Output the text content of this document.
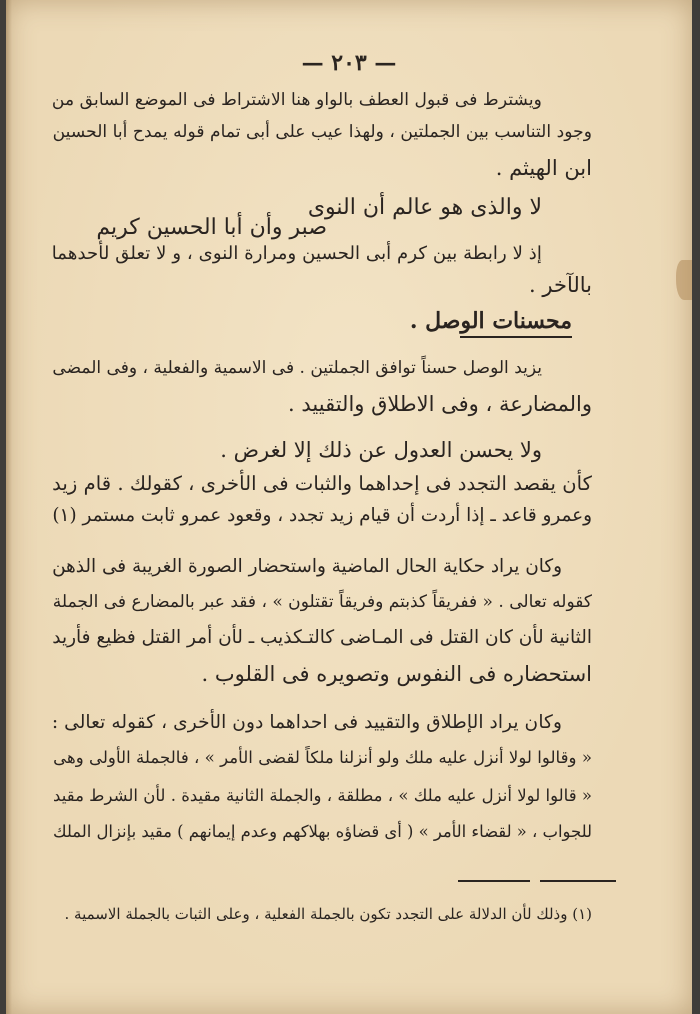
— ٢٠٣ —
ويشترط فى قبول العطف بالواو هنا الاشتراط فى الموضع السابق من
وجود التناسب بين الجملتين ، ولهذا عيب على أبى تمام قوله يمدح أبا الحسين
ابن الهيثم .
لا والذى هو عالم أن النوى
صبر وأن أبا الحسين كريم
إذ لا رابطة بين كرم أبى الحسين ومرارة النوى ، و لا تعلق لأحدهما
بالآخر .
محسنات الوصل .
يزيد الوصل حسناً توافق الجملتين . فى الاسمية والفعلية ، وفى المضى
والمضارعة ، وفى الاطلاق والتقييد .
ولا يحسن العدول عن ذلك إلا لغرض .
كأن يقصد التجدد فى إحداهما والثبات فى الأخرى ، كقولك . قام زيد
وعمرو قاعد ـ إذا أردت أن قيام زيد تجدد ، وقعود عمرو ثابت مستمر (١)
وكان يراد حكاية الحال الماضية واستحضار الصورة الغريبة فى الذهن
كقوله تعالى . « ففريقاً كذبتم وفريقاً تقتلون » ، فقد عبر بالمضارع فى الجملة
الثانية لأن كان القتل فى المـاضى كالتـكذيب ـ لأن أمر القتل فظيع فأريد
استحضاره فى النفوس وتصويره فى القلوب .
وكان يراد الإطلاق والتقييد فى احداهما دون الأخرى ، كقوله تعالى :
« وقالوا لولا أنزل عليه ملك ولو أنزلنا ملكاً لقضى الأمر » ، فالجملة الأولى وهى
« قالوا لولا أنزل عليه ملك » ، مطلقة ، والجملة الثانية مقيدة . لأن الشرط مقيد
للجواب ، « لقضاء الأمر » ( أى قضاؤه بهلاكهم وعدم إيمانهم ) مقيد بإنزال الملك
(١) وذلك لأن الدلالة على التجدد تكون بالجملة الفعلية ، وعلى الثبات بالجملة الاسمية .
